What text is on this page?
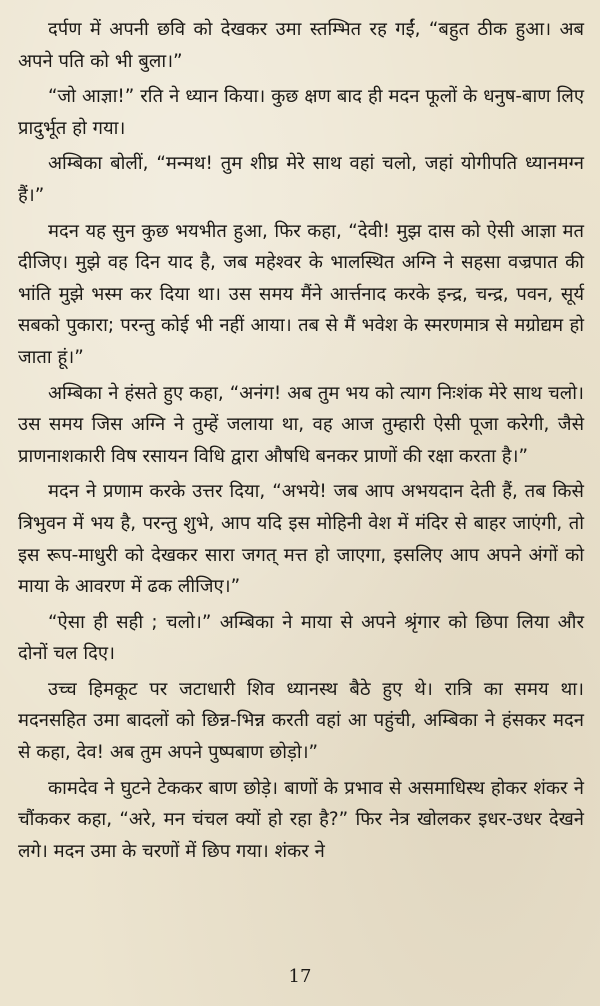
दर्पण में अपनी छवि को देखकर उमा स्तम्भित रह गईं, “बहुत ठीक हुआ। अब अपने पति को भी बुला।”

“जो आज्ञा!” रति ने ध्यान किया। कुछ क्षण बाद ही मदन फूलों के धनुष-बाण लिए प्रादुर्भूत हो गया।

अम्बिका बोलीं, “मन्मथ! तुम शीघ्र मेरे साथ वहां चलो, जहां योगीपति ध्यानमग्न हैं।”

मदन यह सुन कुछ भयभीत हुआ, फिर कहा, “देवी! मुझ दास को ऐसी आज्ञा मत दीजिए। मुझे वह दिन याद है, जब महेश्वर के भालस्थित अग्नि ने सहसा वज्रपात की भांति मुझे भस्म कर दिया था। उस समय मैंने आर्त्तनाद करके इन्द्र, चन्द्र, पवन, सूर्य सबको पुकारा; परन्तु कोई भी नहीं आया। तब से मैं भवेश के स्मरणमात्र से मग्रोद्यम हो जाता हूं।”

अम्बिका ने हंसते हुए कहा, “अनंग! अब तुम भय को त्याग निःशंक मेरे साथ चलो। उस समय जिस अग्नि ने तुम्हें जलाया था, वह आज तुम्हारी ऐसी पूजा करेगी, जैसे प्राणनाशकारी विष रसायन विधि द्वारा औषधि बनकर प्राणों की रक्षा करता है।”

मदन ने प्रणाम करके उत्तर दिया, “अभये! जब आप अभयदान देती हैं, तब किसे त्रिभुवन में भय है, परन्तु शुभे, आप यदि इस मोहिनी वेश में मंदिर से बाहर जाएंगी, तो इस रूप-माधुरी को देखकर सारा जगत् मत्त हो जाएगा, इसलिए आप अपने अंगों को माया के आवरण में ढक लीजिए।”

“ऐसा ही सही ; चलो।” अम्बिका ने माया से अपने श्रृंगार को छिपा लिया और दोनों चल दिए।

उच्च हिमकूट पर जटाधारी शिव ध्यानस्थ बैठे हुए थे। रात्रि का समय था। मदनसहित उमा बादलों को छिन्न-भिन्न करती वहां आ पहुंची, अम्बिका ने हंसकर मदन से कहा, देव! अब तुम अपने पुष्पबाण छोड़ो।”

कामदेव ने घुटने टेककर बाण छोड़े। बाणों के प्रभाव से असमाधिस्थ होकर शंकर ने चौंककर कहा, “अरे, मन चंचल क्यों हो रहा है?” फिर नेत्र खोलकर इधर-उधर देखने लगे। मदन उमा के चरणों में छिप गया। शंकर ने

17
